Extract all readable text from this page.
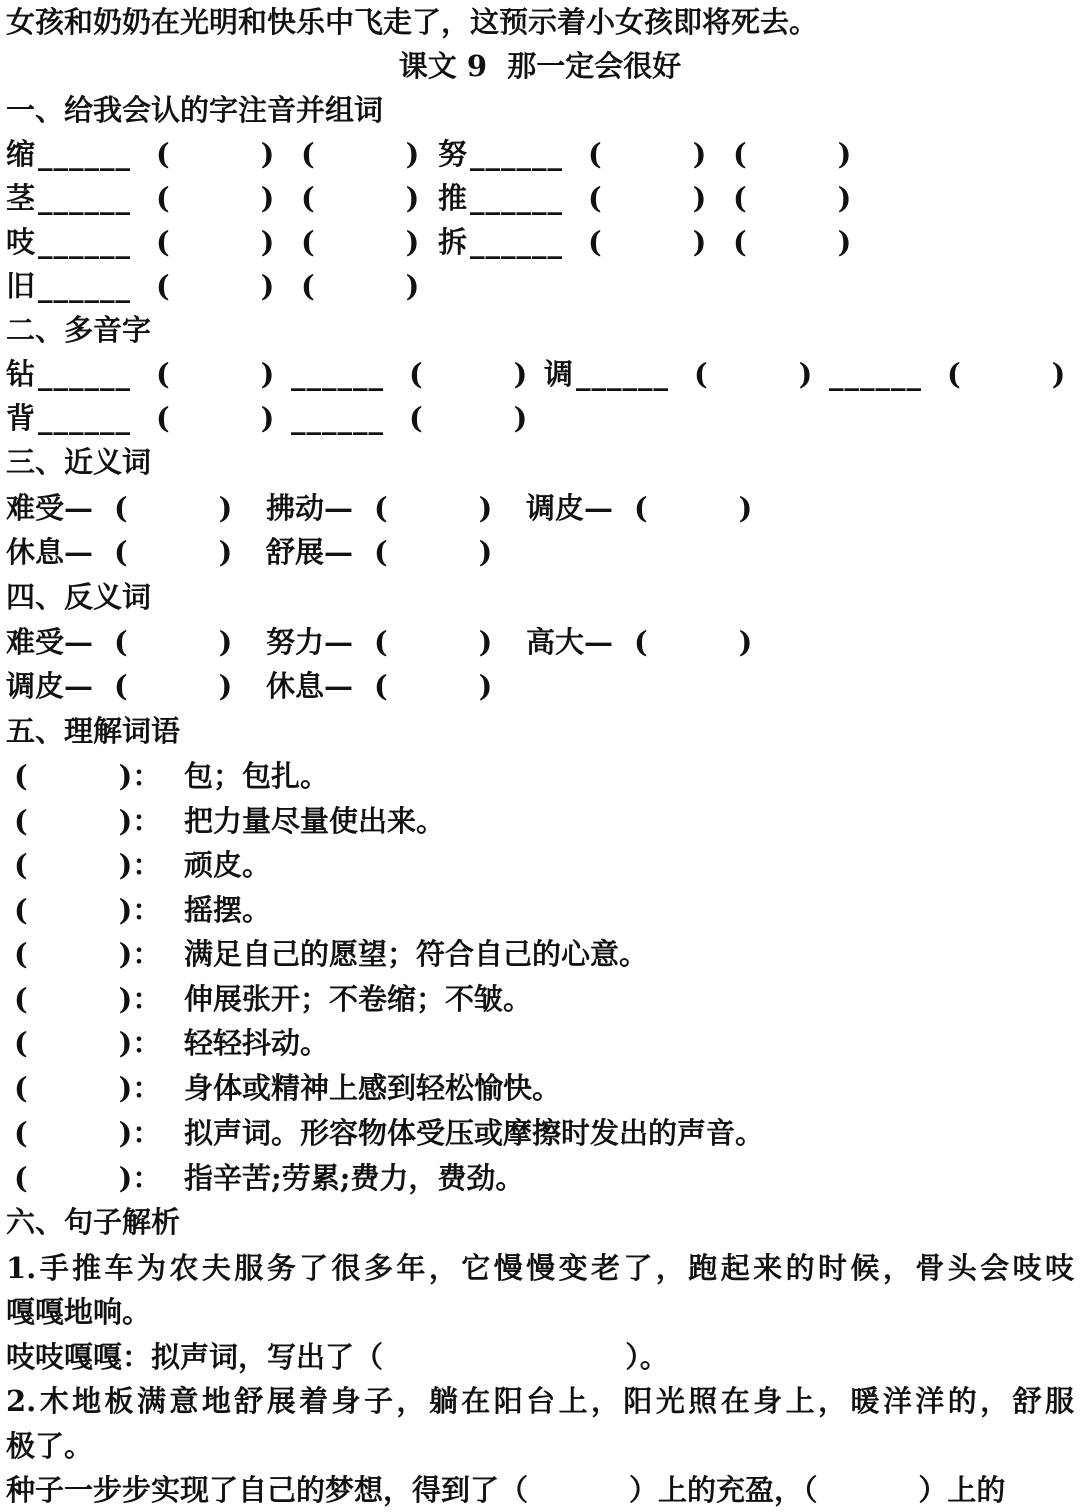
女孩和奶奶在光明和快乐中飞走了，这预示着小女孩即将死去。
课文 9  那一定会很好
一、给我会认的字注音并组词

缩

______

(         )

(         )

努

______

(         )

(         )

茎

______

(         )

(         )

推

______

(         )

(         )

吱

______

(         )

(         )

拆

______

(         )

(         )

旧

______

(         )

(         )

二、多音字

钻

______

(         )

______

(         )

调

______

(         )

______

(         )

背

______

(         )

______

(         )

三、近义词

难受—

(         )

拂动—

(         )

调皮—

(         )

休息—

(         )

舒展—

(         )

四、反义词

难受—

(         )

努力—

(         )

高大—

(         )

调皮—

(         )

休息—

(         )

五、理解词语

(         )：

包；包扎。

(         )：

把力量尽量使出来。

(         )：

顽皮。

(         )：

摇摆。

(         )：

满足自己的愿望；符合自己的心意。

(         )：

伸展张开；不卷缩；不皱。

(         )：

轻轻抖动。

(         )：

身体或精神上感到轻松愉快。

(         )：

拟声词。形容物体受压或摩擦时发出的声音。

(         )：

指辛苦;劳累;费力，费劲。

六、句子解析
1.手推车为农夫服务了很多年，它慢慢变老了，跑起来的时候，骨头会吱吱
嘎嘎地响。
吱吱嘎嘎：拟声词，写出了（                        ）。
2.木地板满意地舒展着身子，躺在阳台上，阳光照在身上，暖洋洋的，舒服
极了。
种子一步步实现了自己的梦想，得到了（          ）上的充盈，（          ）上的
